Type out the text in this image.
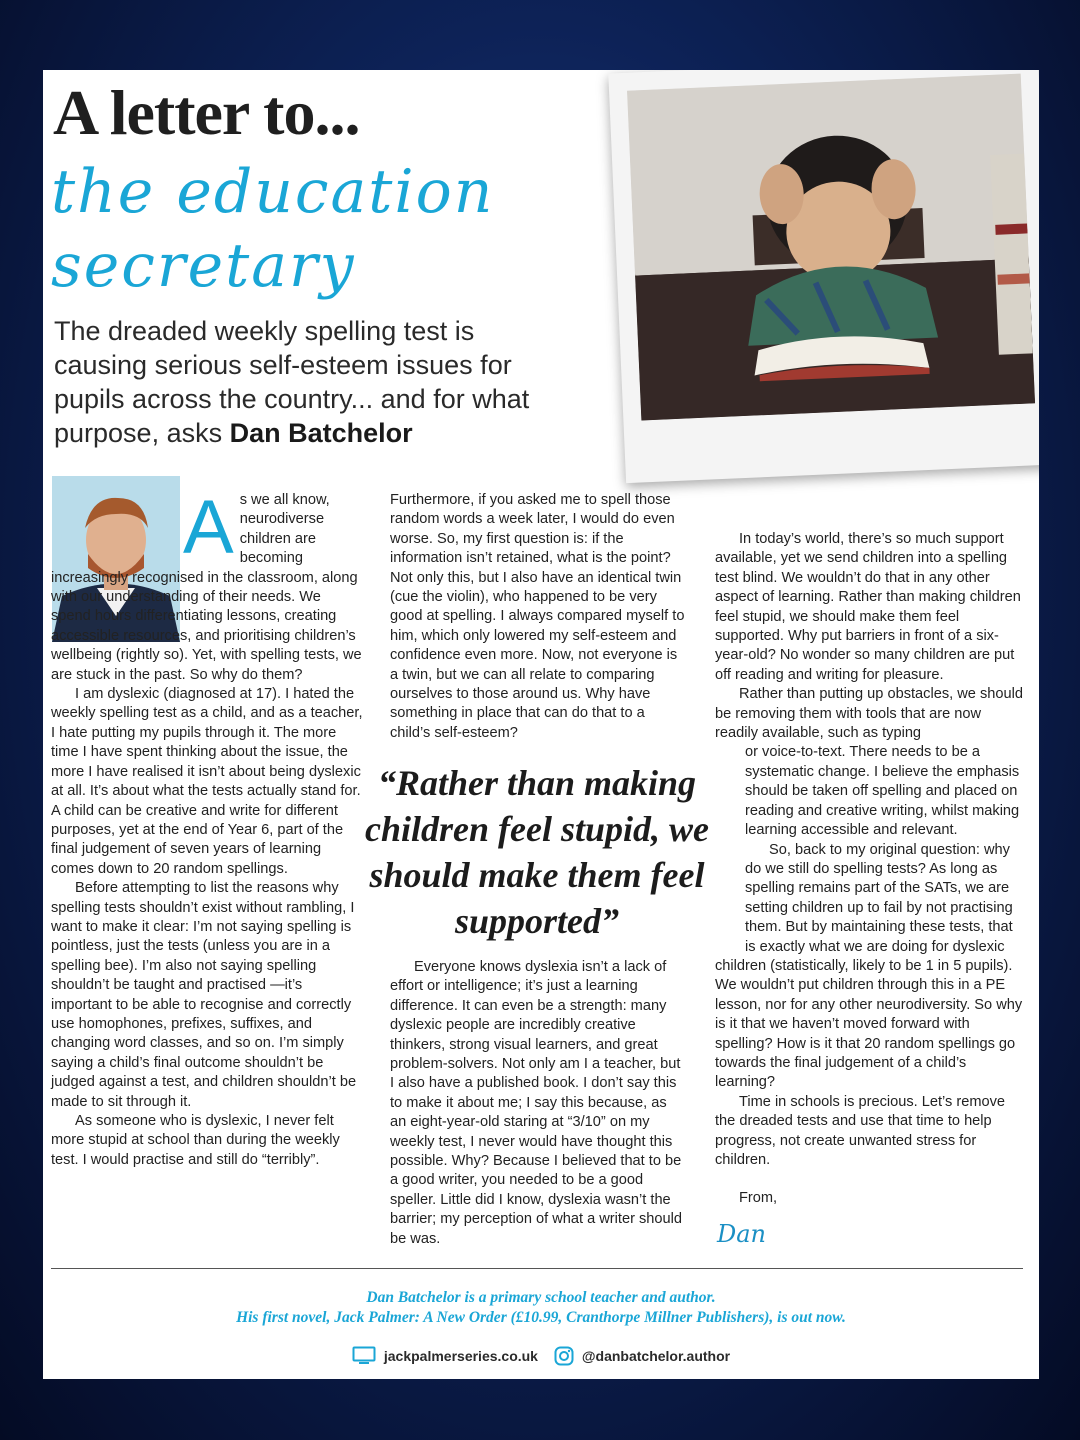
A letter to...
the education
secretary
The dreaded weekly spelling test is causing serious self-esteem issues for pupils across the country... and for what purpose, asks Dan Batchelor
A s we all know, neurodiverse children are becoming increasingly recognised in the classroom, along with our understanding of their needs. We spend hours differentiating lessons, creating accessible resources, and prioritising children’s wellbeing (rightly so). Yet, with spelling tests, we are stuck in the past. So why do them?

I am dyslexic (diagnosed at 17). I hated the weekly spelling test as a child, and as a teacher, I hate putting my pupils through it. The more time I have spent thinking about the issue, the more I have realised it isn’t about being dyslexic at all. It’s about what the tests actually stand for. A child can be creative and write for different purposes, yet at the end of Year 6, part of the final judgement of seven years of learning comes down to 20 random spellings.

Before attempting to list the reasons why spelling tests shouldn’t exist without rambling, I want to make it clear: I’m not saying spelling is pointless, just the tests (unless you are in a spelling bee). I’m also not saying spelling shouldn’t be taught and practised —it’s important to be able to recognise and correctly use homophones, prefixes, suffixes, and changing word classes, and so on. I’m simply saying a child’s final outcome shouldn’t be judged against a test, and children shouldn’t be made to sit through it.

As someone who is dyslexic, I never felt more stupid at school than during the weekly test. I would practise and still do “terribly”.

Furthermore, if you asked me to spell those random words a week later, I would do even worse. So, my first question is: if the information isn’t retained, what is the point? Not only this, but I also have an identical twin (cue the violin), who happened to be very good at spelling. I always compared myself to him, which only lowered my self-esteem and confidence even more. Now, not everyone is a twin, but we can all relate to comparing ourselves to those around us. Why have something in place that can do that to a child’s self-esteem?

“Rather than making children feel stupid, we should make them feel supported”

Everyone knows dyslexia isn’t a lack of effort or intelligence; it’s just a learning difference. It can even be a strength: many dyslexic people are incredibly creative thinkers, strong visual learners, and great problem-solvers. Not only am I a teacher, but I also have a published book. I don’t say this to make it about me; I say this because, as an eight-year-old staring at “3/10” on my weekly test, I never would have thought this possible. Why? Because I believed that to be a good writer, you needed to be a good speller. Little did I know, dyslexia wasn’t the barrier; my perception of what a writer should be was.

In today’s world, there’s so much support available, yet we send children into a spelling test blind. We wouldn’t do that in any other aspect of learning. Rather than making children feel stupid, we should make them feel supported. Why put barriers in front of a six-year-old? No wonder so many children are put off reading and writing for pleasure.

Rather than putting up obstacles, we should be removing them with tools that are now readily available, such as typing

or voice-to-text. There needs to be a systematic change. I believe the emphasis should be taken off spelling and placed on reading and creative writing, whilst making learning accessible and relevant.

So, back to my original question: why do we still do spelling tests? As long as spelling remains part of the SATs, we are setting children up to fail by not practising them. But by maintaining these tests, that is exactly what we are doing for dyslexic

children (statistically, likely to be 1 in 5 pupils). We wouldn’t put children through this in a PE lesson, nor for any other neurodiversity. So why is it that we haven’t moved forward with spelling? How is it that 20 random spellings go towards the final judgement of a child’s learning?

Time in schools is precious. Let’s remove the dreaded tests and use that time to help progress, not create unwanted stress for children.

From,

Dan
Dan Batchelor is a primary school teacher and author.
His first novel, Jack Palmer: A New Order (£10.99, Cranthorpe Millner Publishers), is out now.
jackpalmerseries.co.uk
	@danbatchelor.author
